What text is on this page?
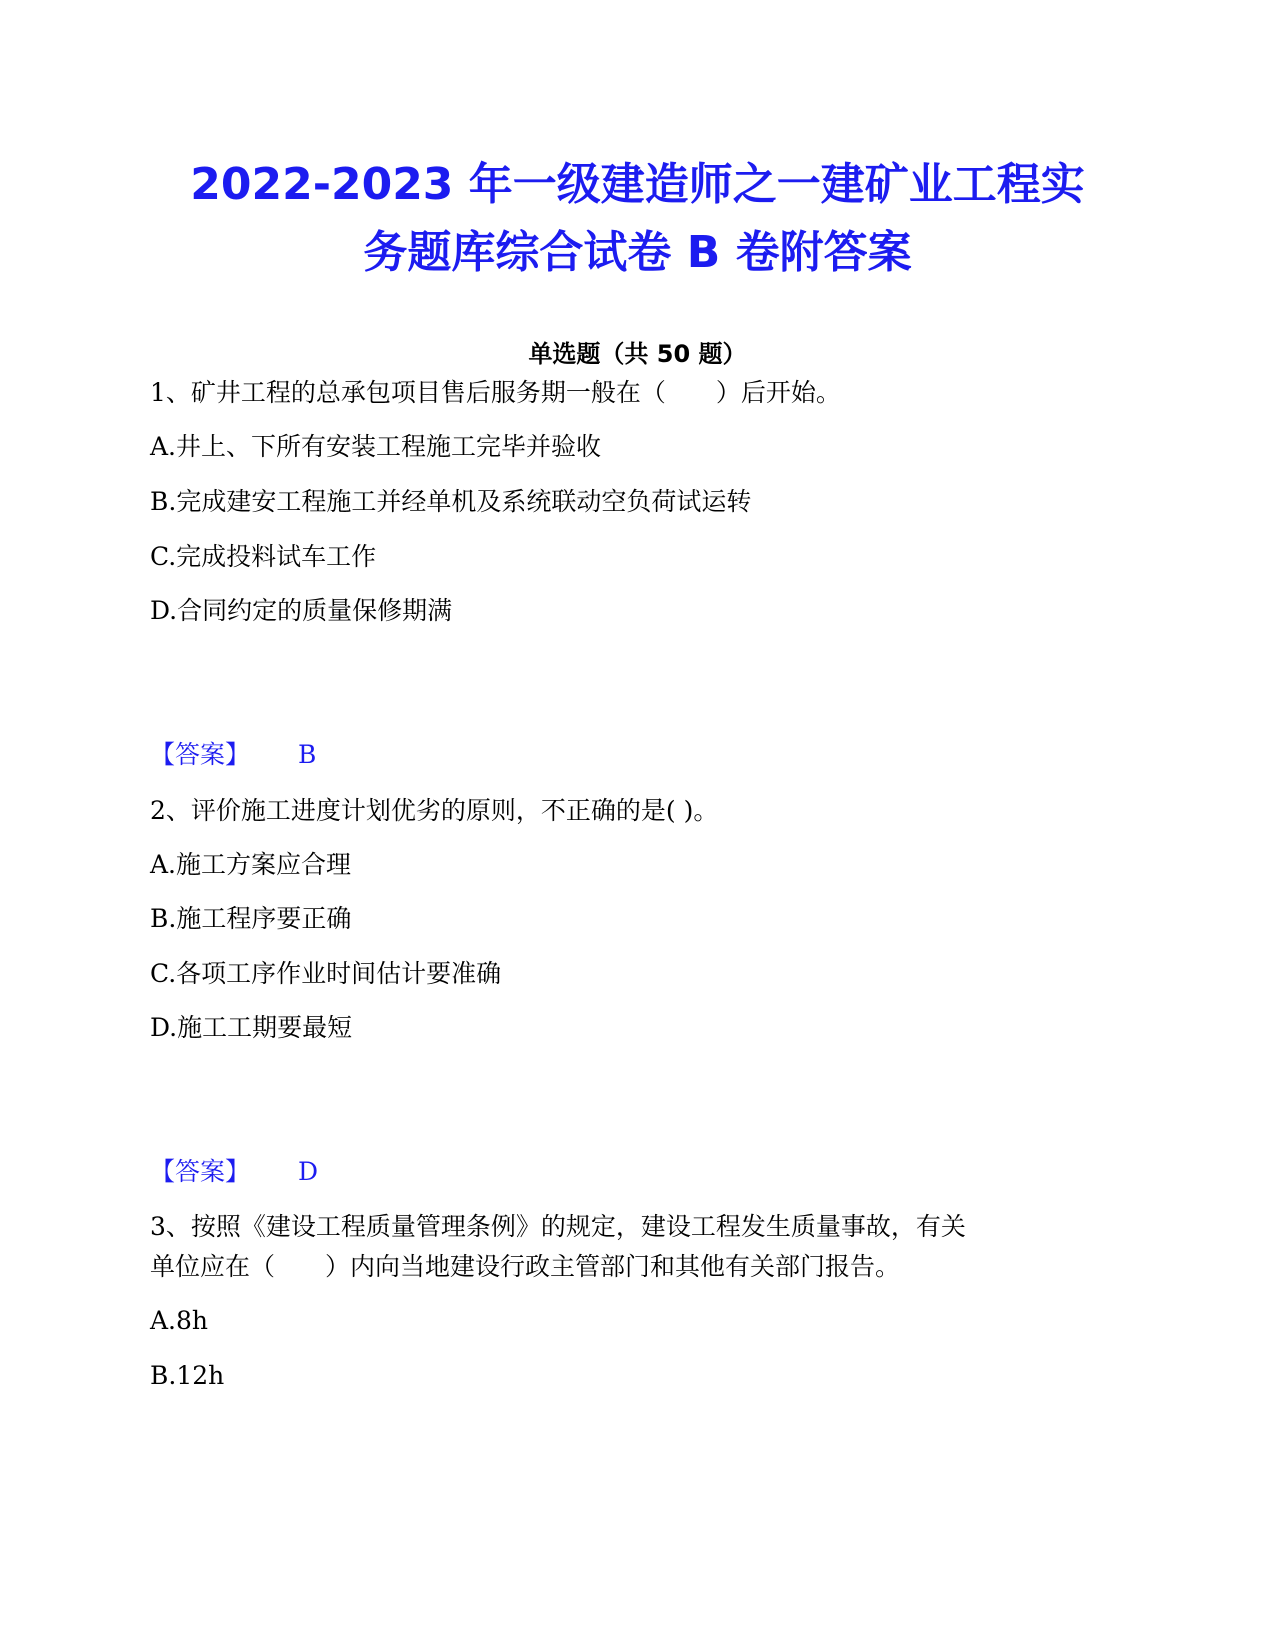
2022-2023 年一级建造师之一建矿业工程实
务题库综合试卷 B 卷附答案
单选题（共 50 题）
1、矿井工程的总承包项目售后服务期一般在（　　）后开始。
A.井上、下所有安装工程施工完毕并验收
B.完成建安工程施工并经单机及系统联动空负荷试运转
C.完成投料试车工作
D.合同约定的质量保修期满
【答案】 B
2、评价施工进度计划优劣的原则，不正确的是( )。
A.施工方案应合理
B.施工程序要正确
C.各项工序作业时间估计要准确
D.施工工期要最短
【答案】 D
3、按照《建设工程质量管理条例》的规定，建设工程发生质量事故，有关
单位应在（　　）内向当地建设行政主管部门和其他有关部门报告。
A.8h
B.12h
